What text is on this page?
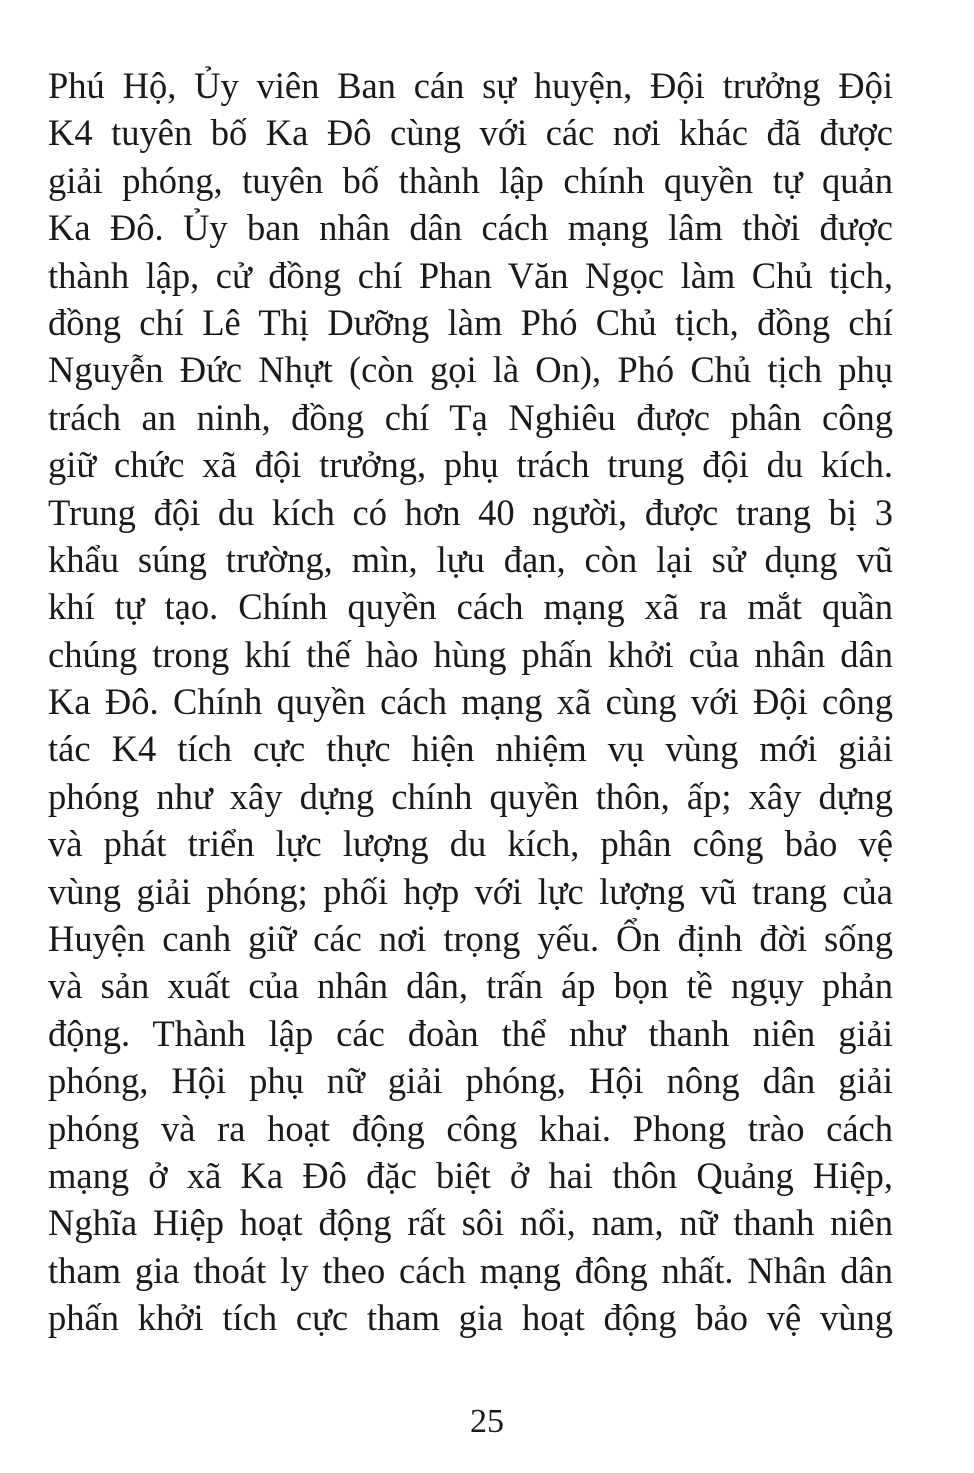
Phú Hộ, Ủy viên Ban cán sự huyện, Đội trưởng Đội
K4 tuyên bố Ka Đô cùng với các nơi khác đã được
giải phóng, tuyên bố thành lập chính quyền tự quản
Ka Đô. Ủy ban nhân dân cách mạng lâm thời được
thành lập, cử đồng chí Phan Văn Ngọc làm Chủ tịch,
đồng chí Lê Thị Dưỡng làm Phó Chủ tịch, đồng chí
Nguyễn Đức Nhựt (còn gọi là On), Phó Chủ tịch phụ
trách an ninh, đồng chí Tạ Nghiêu được phân công
giữ chức xã đội trưởng, phụ trách trung đội du kích.
Trung đội du kích có hơn 40 người, được trang bị 3
khẩu súng trường, mìn, lựu đạn, còn lại sử dụng vũ
khí tự tạo. Chính quyền cách mạng xã ra mắt quần
chúng trong khí thế hào hùng phấn khởi của nhân dân
Ka Đô. Chính quyền cách mạng xã cùng với Đội công
tác K4 tích cực thực hiện nhiệm vụ vùng mới giải
phóng như xây dựng chính quyền thôn, ấp; xây dựng
và phát triển lực lượng du kích, phân công bảo vệ
vùng giải phóng; phối hợp với lực lượng vũ trang của
Huyện canh giữ các nơi trọng yếu. Ổn định đời sống
và sản xuất của nhân dân, trấn áp bọn tề ngụy phản
động. Thành lập các đoàn thể như thanh niên giải
phóng, Hội phụ nữ giải phóng, Hội nông dân giải
phóng và ra hoạt động công khai. Phong trào cách
mạng ở xã Ka Đô đặc biệt ở hai thôn Quảng Hiệp,
Nghĩa Hiệp hoạt động rất sôi nổi, nam, nữ thanh niên
tham gia thoát ly theo cách mạng đông nhất. Nhân dân
phấn khởi tích cực tham gia hoạt động bảo vệ vùng
25
